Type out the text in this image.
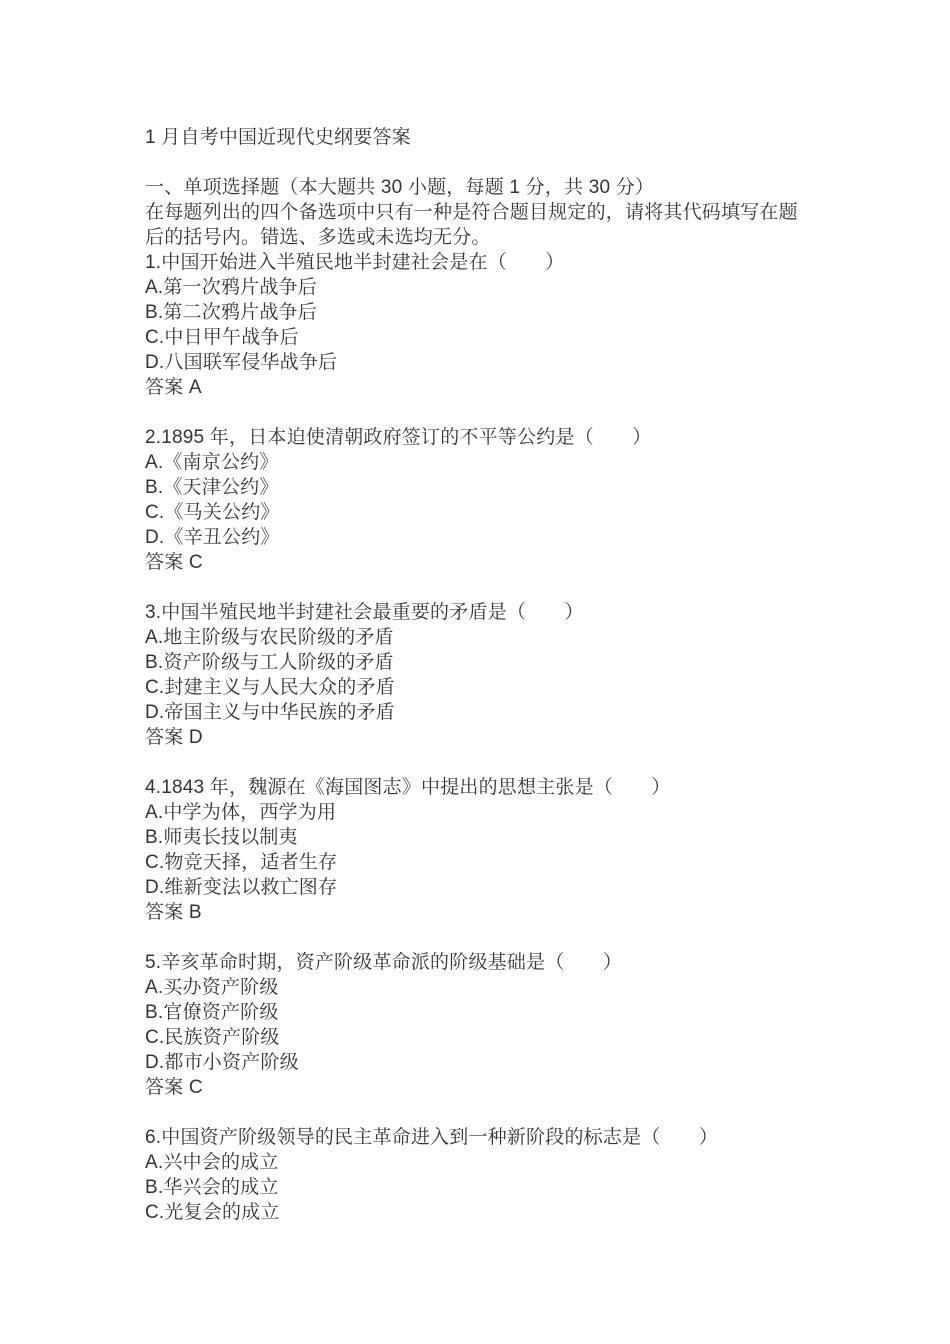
1 月自考中国近现代史纲要答案
一、单项选择题（本大题共 30 小题，每题 1 分，共 30 分）
在每题列出的四个备选项中只有一种是符合题目规定的，请将其代码填写在题
后的括号内。错选、多选或未选均无分。
1.中国开始进入半殖民地半封建社会是在（　　）
A.第一次鸦片战争后
B.第二次鸦片战争后
C.中日甲午战争后
D.八国联军侵华战争后
答案 A
2.1895 年，日本迫使清朝政府签订的不平等公约是（　　）
A.《南京公约》
B.《天津公约》
C.《马关公约》
D.《辛丑公约》
答案 C
3.中国半殖民地半封建社会最重要的矛盾是（　　）
A.地主阶级与农民阶级的矛盾
B.资产阶级与工人阶级的矛盾
C.封建主义与人民大众的矛盾
D.帝国主义与中华民族的矛盾
答案 D
4.1843 年，魏源在《海国图志》中提出的思想主张是（　　）
A.中学为体，西学为用
B.师夷长技以制夷
C.物竞天择，适者生存
D.维新变法以救亡图存
答案 B
5.辛亥革命时期，资产阶级革命派的阶级基础是（　　）
A.买办资产阶级
B.官僚资产阶级
C.民族资产阶级
D.都市小资产阶级
答案 C
6.中国资产阶级领导的民主革命进入到一种新阶段的标志是（　　）
A.兴中会的成立
B.华兴会的成立
C.光复会的成立
